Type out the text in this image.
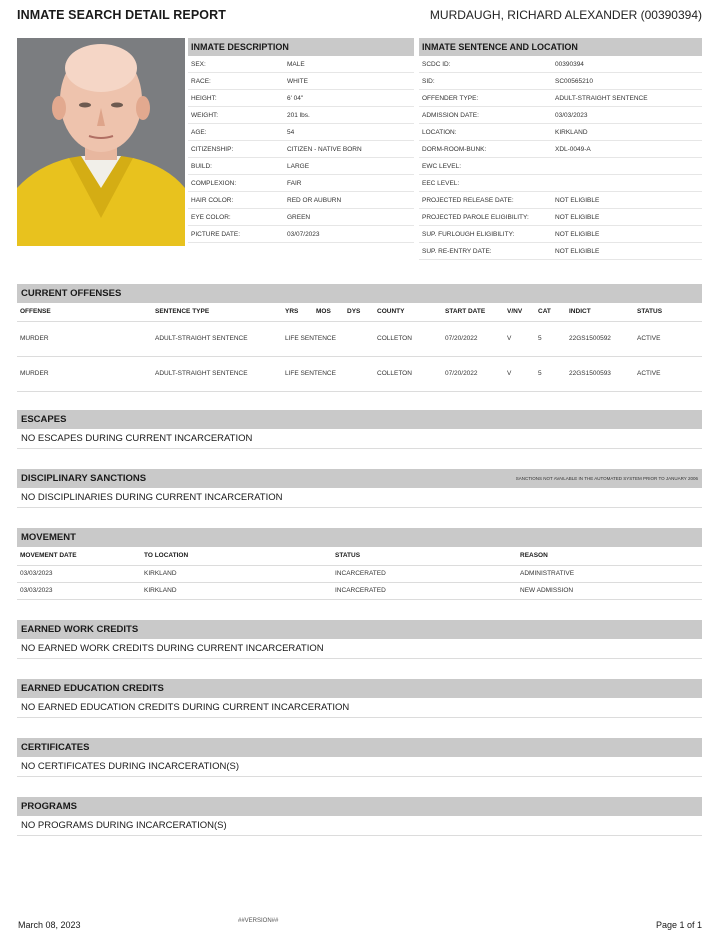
INMATE SEARCH DETAIL REPORT	MURDAUGH, RICHARD ALEXANDER (00390394)
INMATE DESCRIPTION
SEX:	MALE
RACE:	WHITE
HEIGHT:	6' 04"
WEIGHT:	201 lbs.
AGE:	54
CITIZENSHIP:	CITIZEN - NATIVE BORN
BUILD:	LARGE
COMPLEXION:	FAIR
HAIR COLOR:	RED OR AUBURN
EYE COLOR:	GREEN
PICTURE DATE:	03/07/2023
INMATE SENTENCE AND LOCATION
SCDC ID:	00390394
SID:	SC00565210
OFFENDER TYPE:	ADULT-STRAIGHT SENTENCE
ADMISSION DATE:	03/03/2023
LOCATION:	KIRKLAND
DORM-ROOM-BUNK:	XDL-0049-A
EWC LEVEL:
EEC LEVEL:
PROJECTED RELEASE DATE:	NOT ELIGIBLE
PROJECTED PAROLE ELIGIBILITY:	NOT ELIGIBLE
SUP. FURLOUGH ELIGIBILITY:	NOT ELIGIBLE
SUP. RE-ENTRY DATE:	NOT ELIGIBLE
CURRENT OFFENSES
OFFENSE	SENTENCE TYPE	YRS	MOS	DYS	COUNTY	START DATE	V/NV	CAT	INDICT	STATUS
MURDER	ADULT-STRAIGHT SENTENCE	LIFE SENTENCE			COLLETON	07/20/2022	V	5	22GS1500592	ACTIVE
MURDER	ADULT-STRAIGHT SENTENCE	LIFE SENTENCE			COLLETON	07/20/2022	V	5	22GS1500593	ACTIVE
ESCAPES
NO ESCAPES DURING CURRENT INCARCERATION
DISCIPLINARY SANCTIONS	SANCTIONS NOT AVAILABLE IN THE AUTOMATED SYSTEM PRIOR TO JANUARY 2006
NO DISCIPLINARIES DURING CURRENT INCARCERATION
MOVEMENT
MOVEMENT DATE	TO LOCATION	STATUS	REASON
03/03/2023	KIRKLAND	INCARCERATED	ADMINISTRATIVE
03/03/2023	KIRKLAND	INCARCERATED	NEW ADMISSION
EARNED WORK CREDITS
NO EARNED WORK CREDITS DURING CURRENT INCARCERATION
EARNED EDUCATION CREDITS
NO EARNED EDUCATION CREDITS DURING CURRENT INCARCERATION
CERTIFICATES
NO CERTIFICATES DURING INCARCERATION(S)
PROGRAMS
NO PROGRAMS DURING INCARCERATION(S)
March 08, 2023	##VERSION##	Page 1 of 1
